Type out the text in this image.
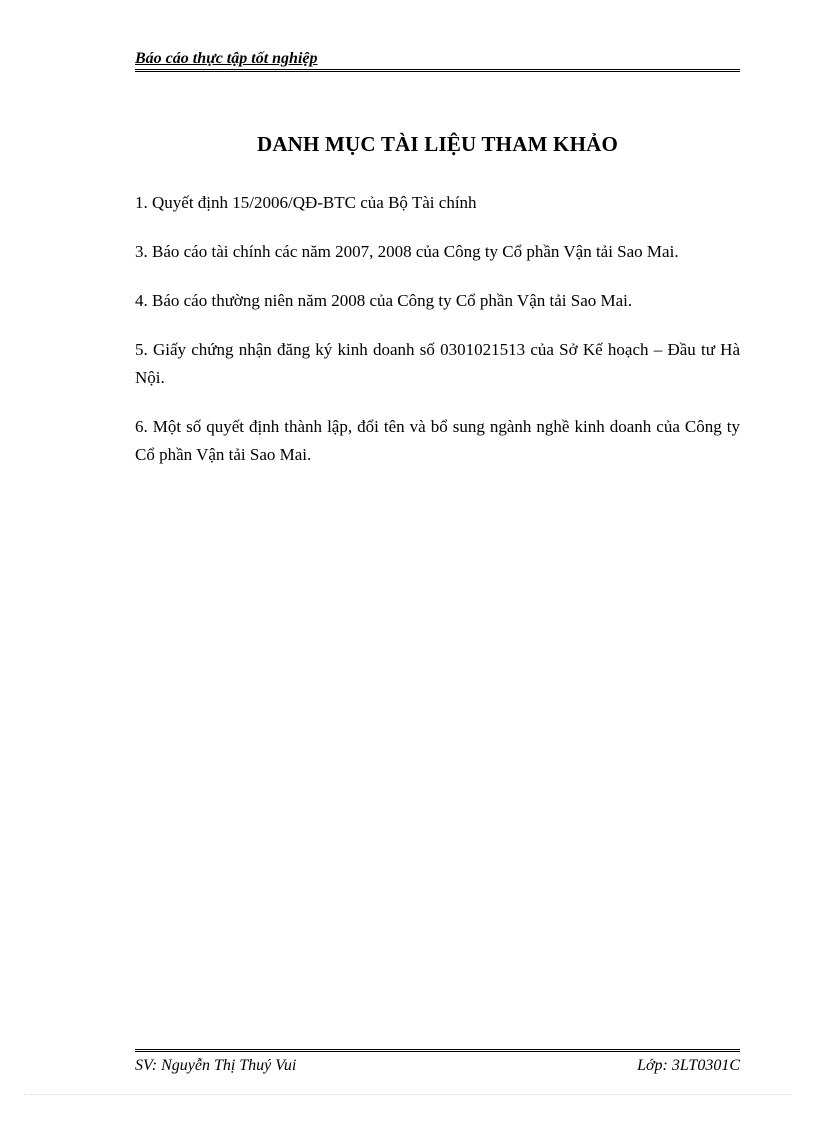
Báo cáo thực tập tốt nghiệp
DANH MỤC TÀI LIỆU THAM KHẢO

1. Quyết định 15/2006/QĐ-BTC của Bộ Tài chính

3. Báo cáo tài chính các năm 2007, 2008 của Công ty Cổ phần Vận tải Sao Mai.

4. Báo cáo thường niên năm 2008 của Công ty Cổ phần Vận tải Sao Mai.

5. Giấy chứng nhận đăng ký kinh doanh số 0301021513 của Sở Kế hoạch – Đầu tư Hà Nội.

6. Một số quyết định thành lập, đổi tên và bổ sung ngành nghề kinh doanh của Công ty Cổ phần Vận tải Sao Mai.

SV: Nguyễn Thị Thuý Vui	Lớp: 3LT0301C
